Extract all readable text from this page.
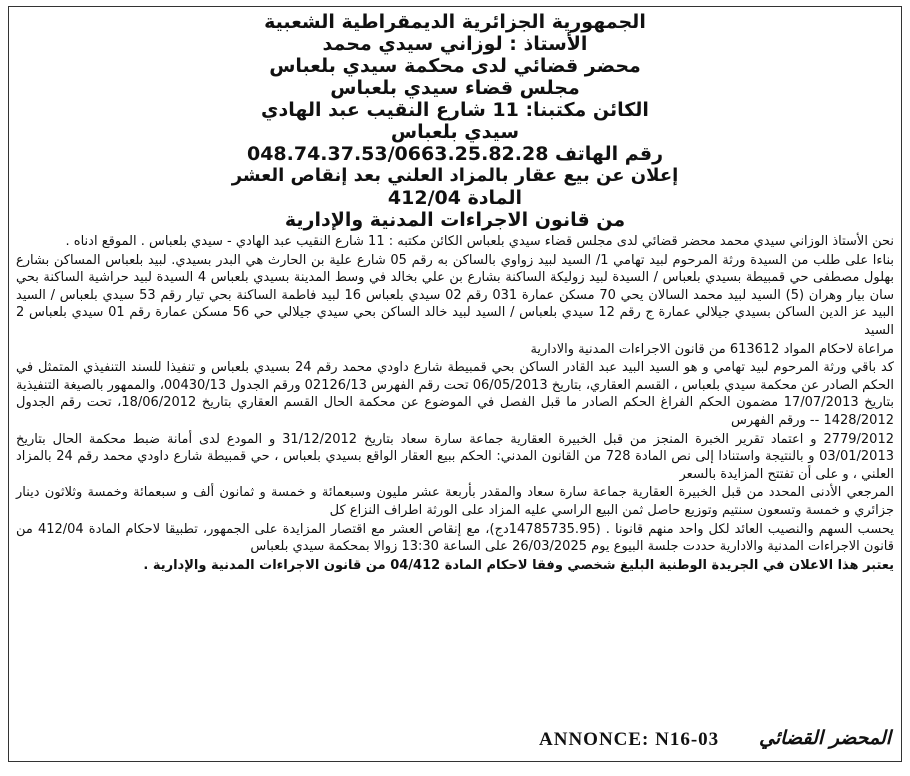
الجمهورية الجزائرية الديمقراطية الشعبية
الأستاذ : لوزاني سيدي محمد
محضر قضائي لدى محكمة سيدي بلعباس
مجلس قضاء سيدي بلعباس
الكائن مكتبنا: 11 شارع النقيب عبد الهادي
سيدي بلعباس
رقم الهاتف 048.74.37.53/0663.25.82.28
إعلان عن بيع عقار بالمزاد العلني بعد إنقاص العشر
المادة 412/04
من قانون الاجراءات المدنية والإدارية

نحن الأستاذ الوزاني سيدي محمد محضر قضائي لدى مجلس قضاء سيدي بلعباس الكائن مكتبه : 11 شارع النقيب عبد الهادي - سيدي بلعباس . الموقع ادناه .

بناءا على طلب من السيدة ورثة المرحوم لبيد تهامي 1/ السيد لبيد زواوي بالساكن به رقم 05 شارع علية بن الحارث هي البدر بسيدي. لبيد بلعباس المساكن بشارع بهلول مصطفى حي قمبيطة بسيدي بلعباس / السيدة لبيد زوليكة الساكنة بشارع بن علي بخالد في وسط المدينة بسيدي بلعباس 4 السيدة لبيد حراشية الساكنة بحي سان بيار وهران (5) السيد لبيد محمد السالان يحي 70 مسكن عمارة 031 رقم 02 سيدي بلعباس 16 لبيد فاطمة الساكنة بحي تيار رقم 53 سيدي بلعباس / السيد البيد عز الدين الساكن بسيدي جيلالي عمارة ج رقم 12 سيدي بلعباس / السيد لبيد خالد الساكن بحي سيدي جيلالي حي 56 مسكن عمارة رقم 01 سيدي بلعباس 2 السيد

مراعاة لاحكام المواد 613612 من قانون الاجراءات المدنية والادارية

كد باقي ورثة المرحوم لبيد تهامي و هو السيد البيد عبد القادر الساكن بحي قمبيطة شارع داودي محمد رقم 24 بسيدي بلعباس و تنفيذا للسند التنفيذي المتمثل في الحكم الصادر عن محكمة سيدي بلعباس ، القسم العقاري، بتاريخ 06/05/2013 تحت رقم الفهرس 02126/13 ورقم الجدول 00430/13، والممهور بالصيغة التنفيذية بتاريخ 17/07/2013 مضمون الحكم الفراغ الحكم الصادر ما قبل الفصل في الموضوع عن محكمة الحال القسم العقاري بتاريخ 18/06/2012، تحت رقم الجدول 1428/2012 -- ورقم الفهرس

2779/2012 و اعتماد تقرير الخبرة المنجز من قبل الخبيرة العقارية جماعة سارة سعاد بتاريخ 31/12/2012 و المودع لدى أمانة ضبط محكمة الحال بتاريخ 03/01/2013 و بالنتيجة واستنادا إلى نص المادة 728 من القانون المدني: الحكم ببيع العقار الواقع بسيدي بلعباس ، حي قمبيطة شارع داودي محمد رقم 24 بالمزاد العلني ، و على أن تفتتح المزايدة بالسعر

المرجعي الأدنى المحدد من قبل الخبيرة العقارية جماعة سارة سعاد والمقدر بأربعة عشر مليون وسبعمائة و خمسة و ثمانون ألف و سبعمائة وخمسة وثلاثون دينار جزائري و خمسة وتسعون سنتيم وتوزيع حاصل ثمن البيع الراسي عليه المزاد على الورثة اطراف النزاع كل

يحسب السهم والنصيب العائد لكل واحد منهم قانونا . (14785735.95دج)، مع إنقاص العشر مع اقتصار المزايدة على الجمهور، تطبيقا لاحكام المادة 412/04 من قانون الاجراءات المدنية والادارية حددت جلسة البيوع يوم 26/03/2025 على الساعة 13:30 زوالا بمحكمة سيدي بلعباس

يعتبر هذا الاعلان في الجريدة الوطنية البليغ شخصي وفقا لاحكام المادة 04/412 من قانون الاجراءات المدنية والإدارية .

المحضر القضائي
ANNONCE: N16-03
